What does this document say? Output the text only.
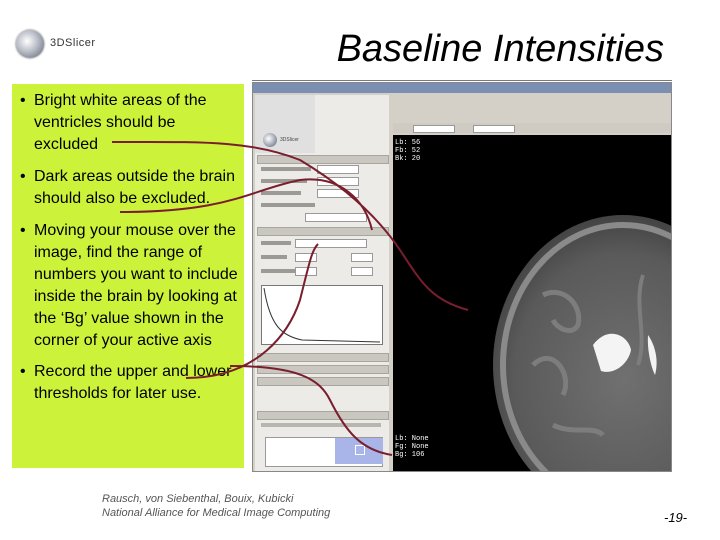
3DSlicer	Baseline Intensities
• Bright white areas of the ventricles should be excluded
• Dark areas outside the brain should also be excluded.
• Moving your mouse over the image, find the range of numbers you want to include inside the brain by looking at the ‘Bg’ value shown in the corner of your active axis
• Record the upper and lower thresholds for later use.
3DSlicer	Lb: 56
Fb: 52
Bk: 20
Lb: None
Fg: None
Bg: 106
Rausch, von Siebenthal, Bouix, Kubicki
National Alliance for Medical Image Computing	-19-
